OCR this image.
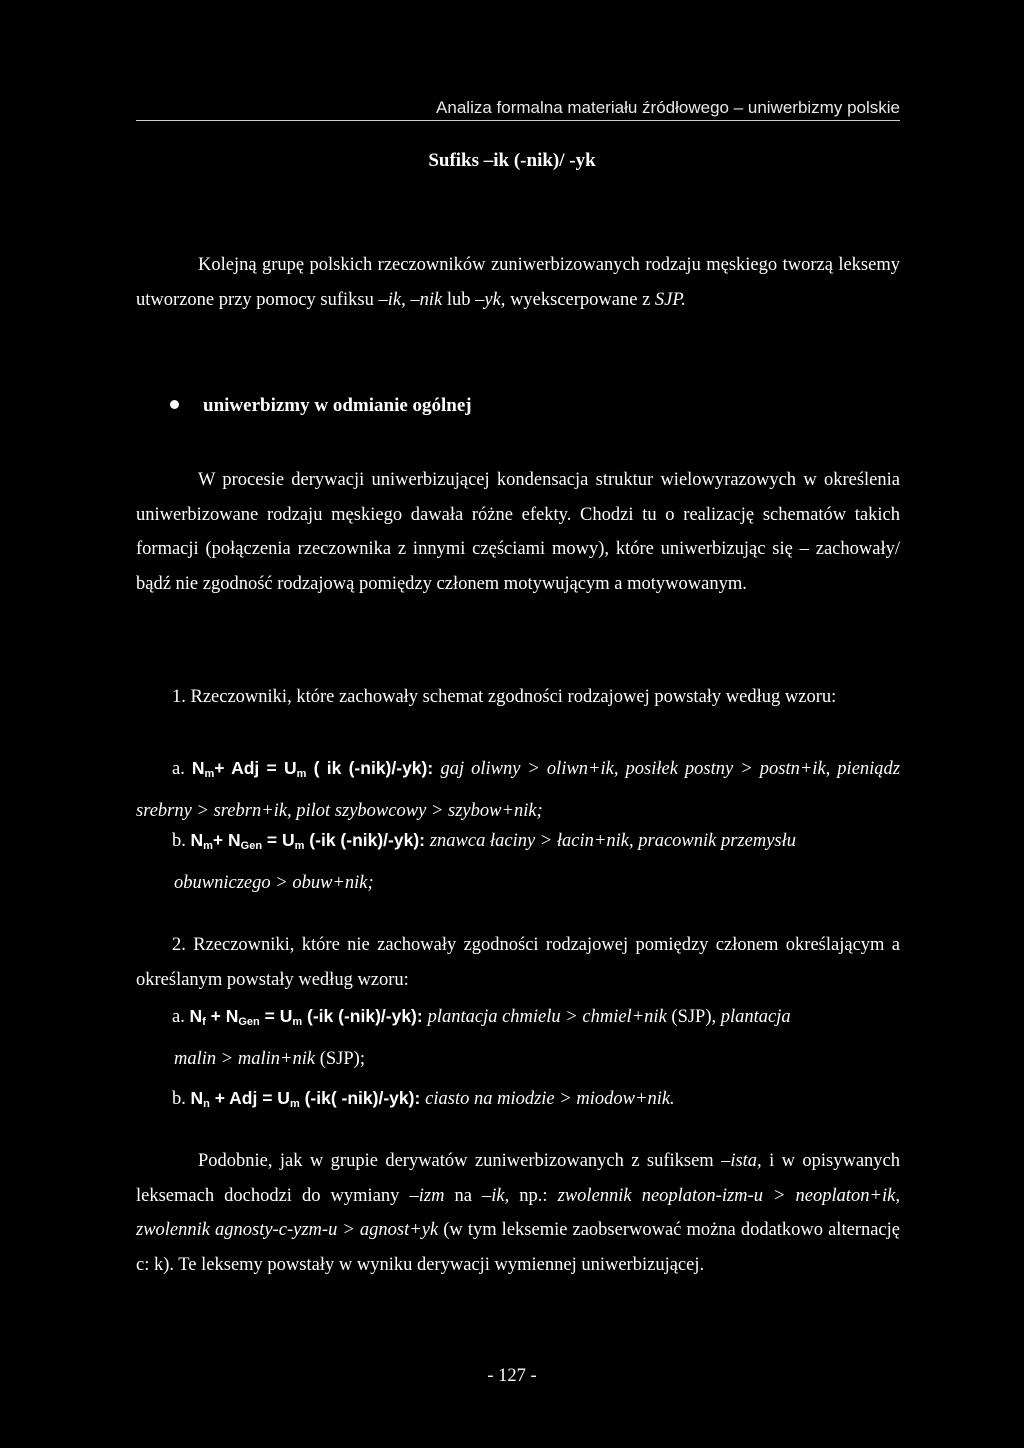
Analiza formalna materiału źródłowego – uniwerbizmy polskie
Sufiks –ik (-nik)/ -yk
Kolejną grupę polskich rzeczowników zuniwerbizowanych rodzaju męskiego tworzą leksemy utworzone przy pomocy sufiksu –ik, –nik lub –yk, wyekscerpowane z SJP.
uniwerbizmy w odmianie ogólnej
W procesie derywacji uniwerbizującej kondensacja struktur wielowyrazowych w określenia uniwerbizowane rodzaju męskiego dawała różne efekty. Chodzi tu o realizację schematów takich formacji (połączenia rzeczownika z innymi częściami mowy), które uniwerbizując się – zachowały/ bądź nie zgodność rodzajową pomiędzy członem motywującym a motywowanym.
1. Rzeczowniki, które zachowały schemat zgodności rodzajowej powstały według wzoru:
a. $N_m+$ Adj = $U_m$ ( ik (-nik)/-yk): gaj oliwny > oliwn+ik, posiłek postny > postn+ik, pieniądz srebrny > srebrn+ik, pilot szybowcowy > szybow+nik;
b. $N_m+ N_{Gen} = U_m$ (-ik (-nik)/-yk): znawca łaciny > łacin+nik, pracownik przemysłu
obuwniczego > obuw+nik;
2. Rzeczowniki, które nie zachowały zgodności rodzajowej pomiędzy członem określającym a określanym powstały według wzoru:
a. $N_f + N_{Gen} = U_m$ (-ik (-nik)/-yk): plantacja chmielu > chmiel+nik (SJP), plantacja
malin > malin+nik (SJP);
b. $N_n$ + Adj = $U_m$ (-ik( -nik)/-yk): ciasto na miodzie > miodow+nik.
Podobnie, jak w grupie derywatów zuniwerbizowanych z sufiksem –ista, i w opisywanych leksemach dochodzi do wymiany –izm na –ik, np.: zwolennik neoplaton-izm-u > neoplaton+ik, zwolennik agnosty-c-yzm-u > agnost+yk (w tym leksemie zaobserwować można dodatkowo alternację c: k). Te leksemy powstały w wyniku derywacji wymiennej uniwerbizującej.
- 127 -
